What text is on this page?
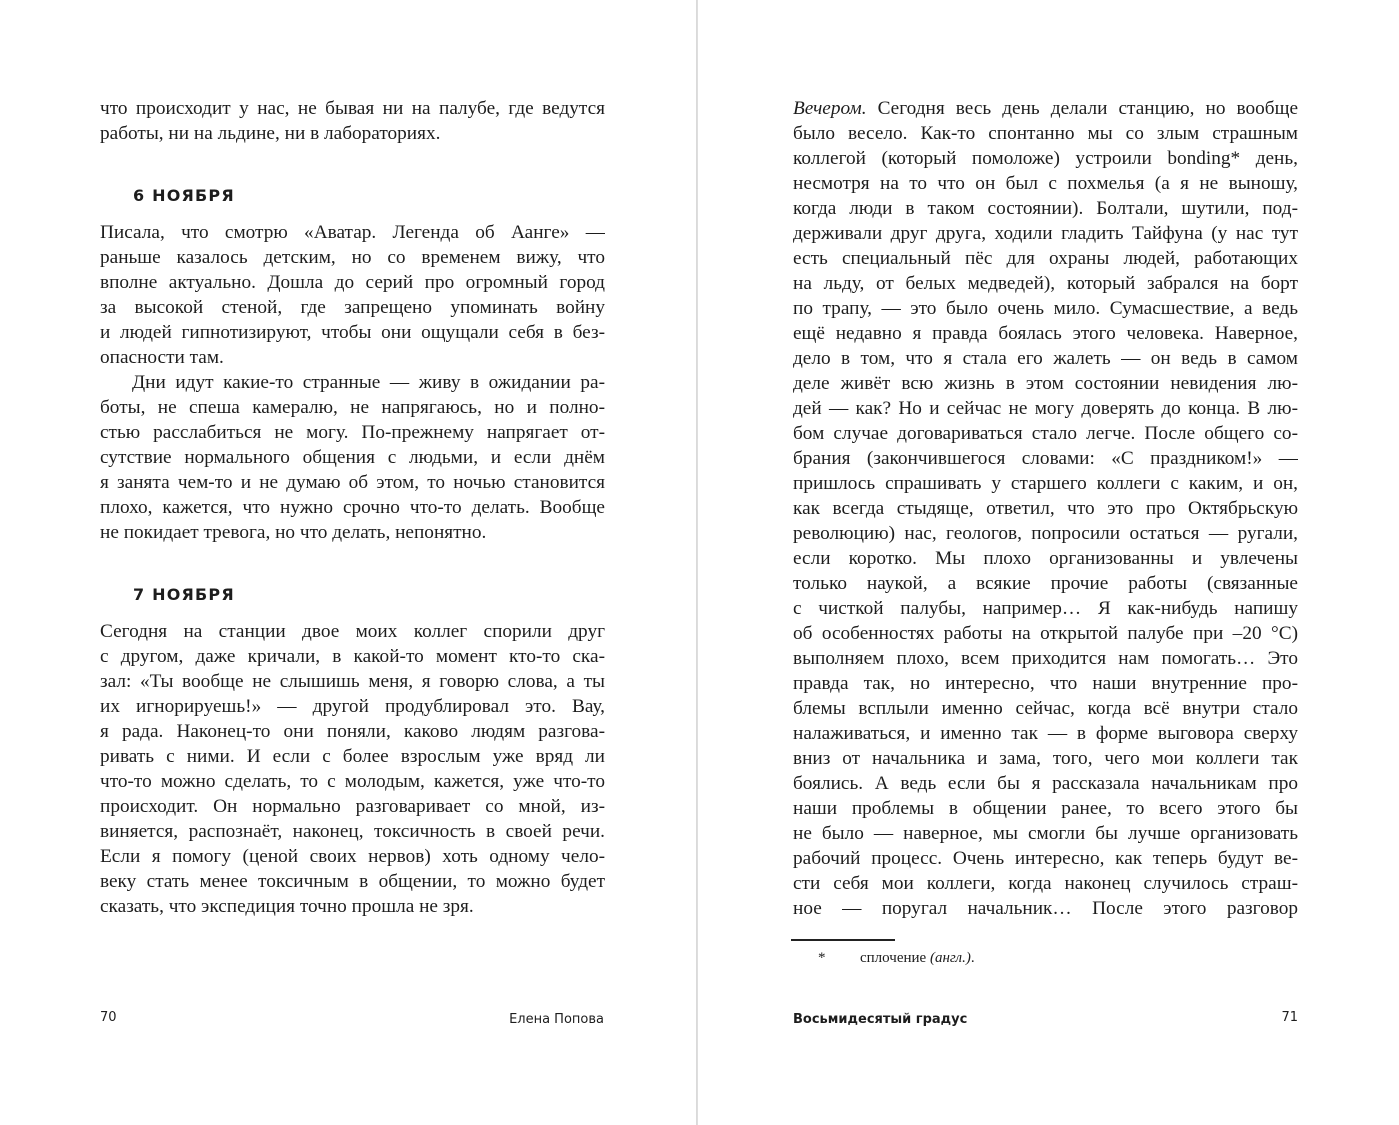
что происходит у нас, не бывая ни на палубе, где ведутся
работы, ни на льдине, ни в лабораториях.
6 НОЯБРЯ
Писала, что смотрю «Аватар. Легенда об Аанге» —
раньше казалось детским, но со временем вижу, что
вполне актуально. Дошла до серий про огромный город
за высокой стеной, где запрещено упоминать войну
и людей гипнотизируют, чтобы они ощущали себя в без-
опасности там.
Дни идут какие-то странные — живу в ожидании ра-
боты, не спеша камералю, не напрягаюсь, но и полно-
стью расслабиться не могу. По-прежнему напрягает от-
сутствие нормального общения с людьми, и если днём
я занята чем-то и не думаю об этом, то ночью становится
плохо, кажется, что нужно срочно что-то делать. Вообще
не покидает тревога, но что делать, непонятно.
7 НОЯБРЯ
Сегодня на станции двое моих коллег спорили друг
с другом, даже кричали, в какой-то момент кто-то ска-
зал: «Ты вообще не слышишь меня, я говорю слова, а ты
их игнорируешь!» — другой продублировал это. Вау,
я рада. Наконец-то они поняли, каково людям разгова-
ривать с ними. И если с более взрослым уже вряд ли
что-то можно сделать, то с молодым, кажется, уже что-то
происходит. Он нормально разговаривает со мной, из-
виняется, распознаёт, наконец, токсичность в своей речи.
Если я помогу (ценой своих нервов) хоть одному чело-
веку стать менее токсичным в общении, то можно будет
сказать, что экспедиция точно прошла не зря.
Вечером. Сегодня весь день делали станцию, но вообще
было весело. Как-то спонтанно мы со злым страшным
коллегой (который помоложе) устроили bonding* день,
несмотря на то что он был с похмелья (а я не выношу,
когда люди в таком состоянии). Болтали, шутили, под-
держивали друг друга, ходили гладить Тайфуна (у нас тут
есть специальный пёс для охраны людей, работающих
на льду, от белых медведей), который забрался на борт
по трапу, — это было очень мило. Сумасшествие, а ведь
ещё недавно я правда боялась этого человека. Наверное,
дело в том, что я стала его жалеть — он ведь в самом
деле живёт всю жизнь в этом состоянии невидения лю-
дей — как? Но и сейчас не могу доверять до конца. В лю-
бом случае договариваться стало легче. После общего со-
брания (закончившегося словами: «С праздником!» —
пришлось спрашивать у старшего коллеги с каким, и он,
как всегда стыдяще, ответил, что это про Октябрьскую
революцию) нас, геологов, попросили остаться — ругали,
если коротко. Мы плохо организованны и увлечены
только наукой, а всякие прочие работы (связанные
с чисткой палубы, например… Я как-нибудь напишу
об особенностях работы на открытой палубе при –20 °C)
выполняем плохо, всем приходится нам помогать… Это
правда так, но интересно, что наши внутренние про-
блемы всплыли именно сейчас, когда всё внутри стало
налаживаться, и именно так — в форме выговора сверху
вниз от начальника и зама, того, чего мои коллеги так
боялись. А ведь если бы я рассказала начальникам про
наши проблемы в общении ранее, то всего этого бы
не было — наверное, мы смогли бы лучше организовать
рабочий процесс. Очень интересно, как теперь будут ве-
сти себя мои коллеги, когда наконец случилось страш-
ное — поругал начальник… После этого разговор
* сплочение (англ.).
70	Елена Попова	Восьмидесятый градус	71
